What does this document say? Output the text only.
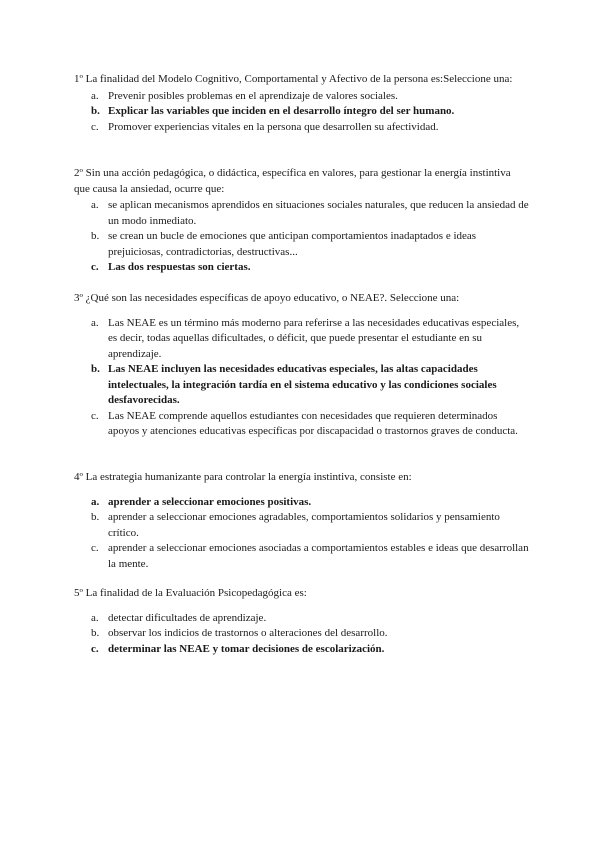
1º La finalidad del Modelo Cognitivo, Comportamental y Afectivo de la persona es:Seleccione una:

a. Prevenir posibles problemas en el aprendizaje de valores sociales.
b. Explicar las variables que inciden en el desarrollo íntegro del ser humano.
c. Promover experiencias vitales en la persona que desarrollen su afectividad.

2º Sin una acción pedagógica, o didáctica, específica en valores, para gestionar la energía instintiva que causa la ansiedad, ocurre que:

a. se aplican mecanismos aprendidos en situaciones sociales naturales, que reducen la ansiedad de un modo inmediato.
b. se crean un bucle de emociones que anticipan comportamientos inadaptados e ideas prejuiciosas, contradictorias, destructivas...
c. Las dos respuestas son ciertas.

3º ¿Qué son las necesidades específicas de apoyo educativo, o NEAE?. Seleccione una:

a. Las NEAE es un término más moderno para referirse a las necesidades educativas especiales, es decir, todas aquellas dificultades, o déficit, que puede presentar el estudiante en su aprendizaje.
b. Las NEAE incluyen las necesidades educativas especiales, las altas capacidades intelectuales, la integración tardía en el sistema educativo y las condiciones sociales desfavorecidas.
c. Las NEAE comprende aquellos estudiantes con necesidades que requieren determinados apoyos y atenciones educativas específicas por discapacidad o trastornos graves de conducta.

4º La estrategia humanizante para controlar la energía instintiva, consiste en:

a. aprender a seleccionar emociones positivas.
b. aprender a seleccionar emociones agradables, comportamientos solidarios y pensamiento crítico.
c. aprender a seleccionar emociones asociadas a comportamientos estables e ideas que desarrollan la mente.

5º La finalidad de la Evaluación Psicopedagógica es:

a. detectar dificultades de aprendizaje.
b. observar los indicios de trastornos o alteraciones del desarrollo.
c. determinar las NEAE y tomar decisiones de escolarización.
